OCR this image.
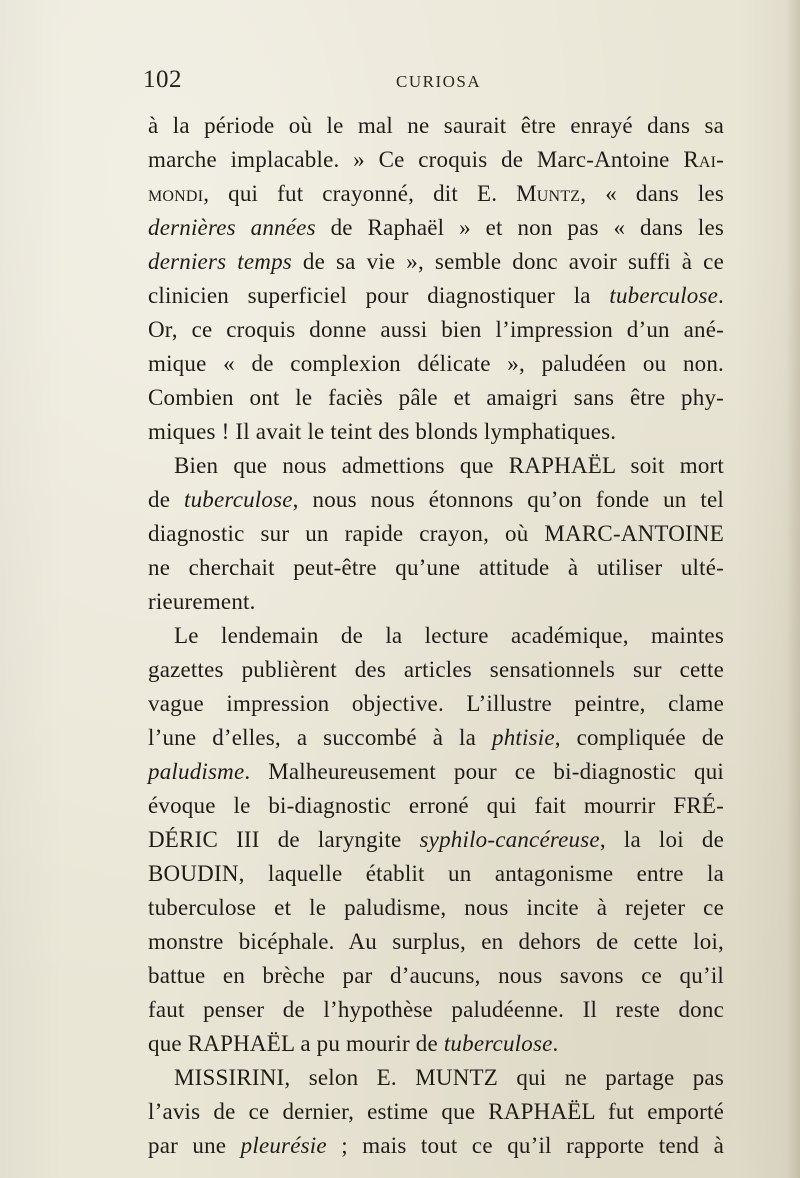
102	CURIOSA
à la période où le mal ne saurait être enrayé dans sa
marche implacable. » Ce croquis de Marc-Antoine Rai-
mondi, qui fut crayonné, dit E. Muntz, « dans les
dernières années de Raphaël » et non pas « dans les
derniers temps de sa vie », semble donc avoir suffi à ce
clinicien superficiel pour diagnostiquer la tuberculose.
Or, ce croquis donne aussi bien l’impression d’un ané-
mique « de complexion délicate », paludéen ou non.
Combien ont le faciès pâle et amaigri sans être phy-
miques ! Il avait le teint des blonds lymphatiques.
Bien que nous admettions que RAPHAËL soit mort
de tuberculose, nous nous étonnons qu’on fonde un tel
diagnostic sur un rapide crayon, où MARC-ANTOINE
ne cherchait peut-être qu’une attitude à utiliser ulté-
rieurement.
Le lendemain de la lecture académique, maintes
gazettes publièrent des articles sensationnels sur cette
vague impression objective. L’illustre peintre, clame
l’une d’elles, a succombé à la phtisie, compliquée de
paludisme. Malheureusement pour ce bi-diagnostic qui
évoque le bi-diagnostic erroné qui fait mourrir FRÉ-
DÉRIC III de laryngite syphilo-cancéreuse, la loi de
BOUDIN, laquelle établit un antagonisme entre la
tuberculose et le paludisme, nous incite à rejeter ce
monstre bicéphale. Au surplus, en dehors de cette loi,
battue en brèche par d’aucuns, nous savons ce qu’il
faut penser de l’hypothèse paludéenne. Il reste donc
que RAPHAËL a pu mourir de tuberculose.
MISSIRINI, selon E. MUNTZ qui ne partage pas
l’avis de ce dernier, estime que RAPHAËL fut emporté
par une pleurésie ; mais tout ce qu’il rapporte tend à
